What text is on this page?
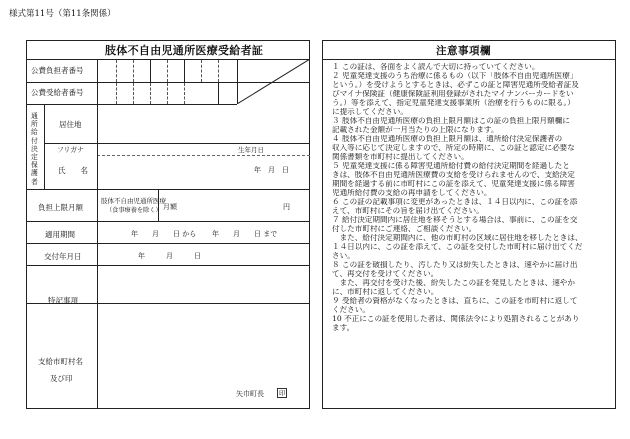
様式第11号（第11条関係）
肢体不自由児通所医療受給者証
公費負担者番号
公費受給者番号
通所給付決定保護者
居住地
フリガナ	生年月日
氏　　名	年　月　日
負担上限月額
肢体不自由児通所医療
（食事療養を除く） 月額	円
適用期間	年　　月　　日 から 年　　月　　日 まで
交付年月日	年　　　月　　　日
特記事項
支給市町村名
及び印
矢巾町長 印
注意事項欄

１ この証は、各面をよく読んで大切に持っていてください。

２ 児童発達支援のうち治療に係るもの（以下「肢体不自由児通所医療」

という。）を受けようとするときは、必ずこの証と障害児通所受給者証及

びマイナ保険証（健康保険証利用登録がされたマイナンバーカードをい

う。）等を添えて、指定児童発達支援事業所（治療を行うものに限る。）

に提示してください。

３ 肢体不自由児通所医療の負担上限月額はこの証の負担上限月額欄に

記載された金額が一月当たりの上限になります。

４ 肢体不自由児通所医療の負担上限月額は、通所給付決定保護者の

収入等に応じて決定しますので、所定の時期に、この証と認定に必要な

関係書類を市町村に提出してください。

５ 児童発達支援に係る障害児通所給付費の給付決定期間を経過したと

きは、肢体不自由児通所医療費の支給を受けられませんので、支給決定

期間を経過する前に市町村にこの証を添えて、児童発達支援に係る障害

児通所給付費の支給の再申請をしてください。

６ この証の記載事項に変更があったときは、１４日以内に、この証を添

えて、市町村にその旨を届け出てください。

７ 給付決定期間内に居住地を移そうとする場合は、事前に、この証を交

付した市町村にご連絡、ご相談ください。

　また、給付決定期間内に、他の市町村の区域に居住地を移したときは、

１４日以内に、この証を添えて、この証を交付した市町村に届け出てくだ

さい。

８ この証を破損したり、汚したり又は紛失したときは、速やかに届け出

て、再交付を受けてください。

　また、再交付を受けた後、紛失したこの証を発見したときは、速やか

に、市町村に返してください。

９ 受給者の資格がなくなったときは、直ちに、この証を市町村に返して

ください。

10 不正にこの証を使用した者は、関係法令により処罰されることがあり

ます。
